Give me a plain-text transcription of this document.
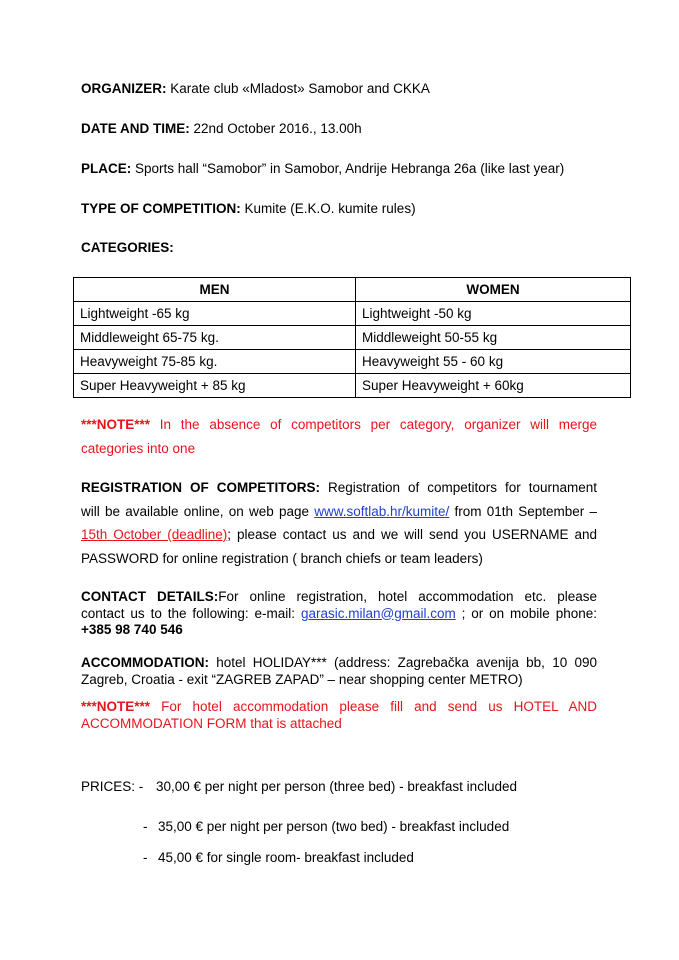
ORGANIZER: Karate club «Mladost» Samobor and CKKA
DATE AND TIME: 22nd October 2016., 13.00h
PLACE: Sports hall “Samobor” in Samobor, Andrije Hebranga 26a (like last year)
TYPE OF COMPETITION: Kumite (E.K.O. kumite rules)
CATEGORIES:
MEN	WOMEN
Lightweight -65 kg	Lightweight -50 kg
Middleweight 65-75 kg.	Middleweight 50-55 kg
Heavyweight 75-85 kg.	Heavyweight 55 - 60 kg
Super Heavyweight + 85 kg	Super Heavyweight + 60kg
***NOTE*** In the absence of competitors per category, organizer will merge
categories into one
REGISTRATION OF COMPETITORS: Registration of competitors for tournament
will be available online, on web page www.softlab.hr/kumite/ from 01th September –
15th October (deadline); please contact us and we will send you USERNAME and
PASSWORD for online registration ( branch chiefs or team leaders)
CONTACT DETAILS:For online registration, hotel accommodation etc. please
contact us to the following: e-mail: garasic.milan@gmail.com ; or on mobile phone:
+385 98 740 546
ACCOMMODATION: hotel HOLIDAY*** (address: Zagrebačka avenija bb, 10 090
Zagreb, Croatia - exit “ZAGREB ZAPAD” – near shopping center METRO)
***NOTE*** For hotel accommodation please fill and send us HOTEL AND
ACCOMMODATION FORM that is attached
PRICES: - 30,00 € per night per person (three bed) - breakfast included
- 35,00 € per night per person (two bed) - breakfast included
- 45,00 € for single room- breakfast included
